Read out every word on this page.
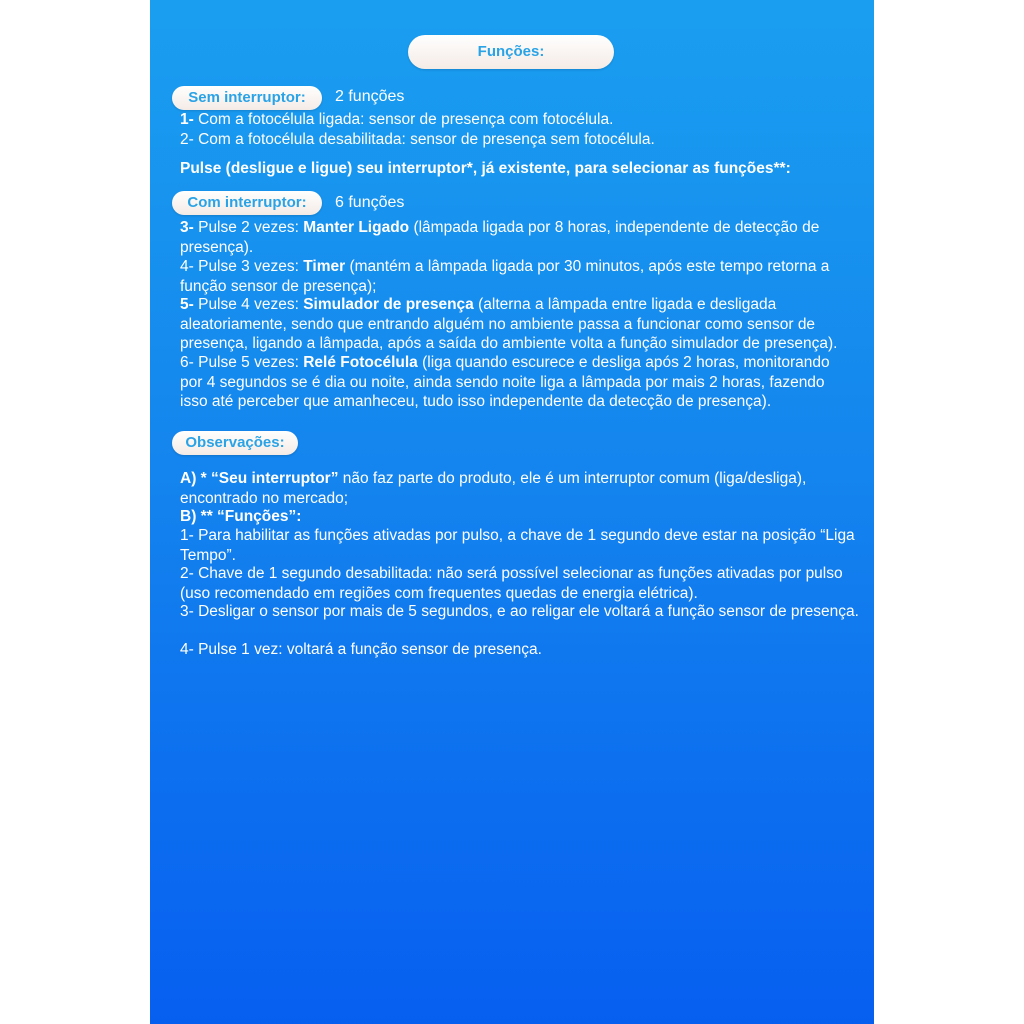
Funções:
Sem interruptor:	2 funções
1- Com a fotocélula ligada: sensor de presença com fotocélula.
2- Com a fotocélula desabilitada: sensor de presença sem fotocélula.
Pulse (desligue e ligue) seu interruptor*, já existente, para selecionar as funções**:
Com interruptor:	6 funções
3- Pulse 2 vezes: Manter Ligado (lâmpada ligada por 8 horas, independente de detecção de presença).
4- Pulse 3 vezes: Timer (mantém a lâmpada ligada por 30 minutos, após este tempo retorna a função sensor de presença);
5- Pulse 4 vezes: Simulador de presença (alterna a lâmpada entre ligada e desligada aleatoriamente, sendo que entrando alguém no ambiente passa a funcionar como sensor de presença, ligando a lâmpada, após a saída do ambiente volta a função simulador de presença).
6- Pulse 5 vezes: Relé Fotocélula (liga quando escurece e desliga após 2 horas, monitorando por 4 segundos se é dia ou noite, ainda sendo noite liga a lâmpada por mais 2 horas, fazendo isso até perceber que amanheceu, tudo isso independente da detecção de presença).
Observações:
A) * “Seu interruptor” não faz parte do produto, ele é um interruptor comum (liga/desliga), encontrado no mercado;
B) ** “Funções”:
1- Para habilitar as funções ativadas por pulso, a chave de 1 segundo deve estar na posição “Liga Tempo”.
2- Chave de 1 segundo desabilitada: não será possível selecionar as funções ativadas por pulso (uso recomendado em regiões com frequentes quedas de energia elétrica).
3- Desligar o sensor por mais de 5 segundos, e ao religar ele voltará a função sensor de presença.
4- Pulse 1 vez: voltará a função sensor de presença.
